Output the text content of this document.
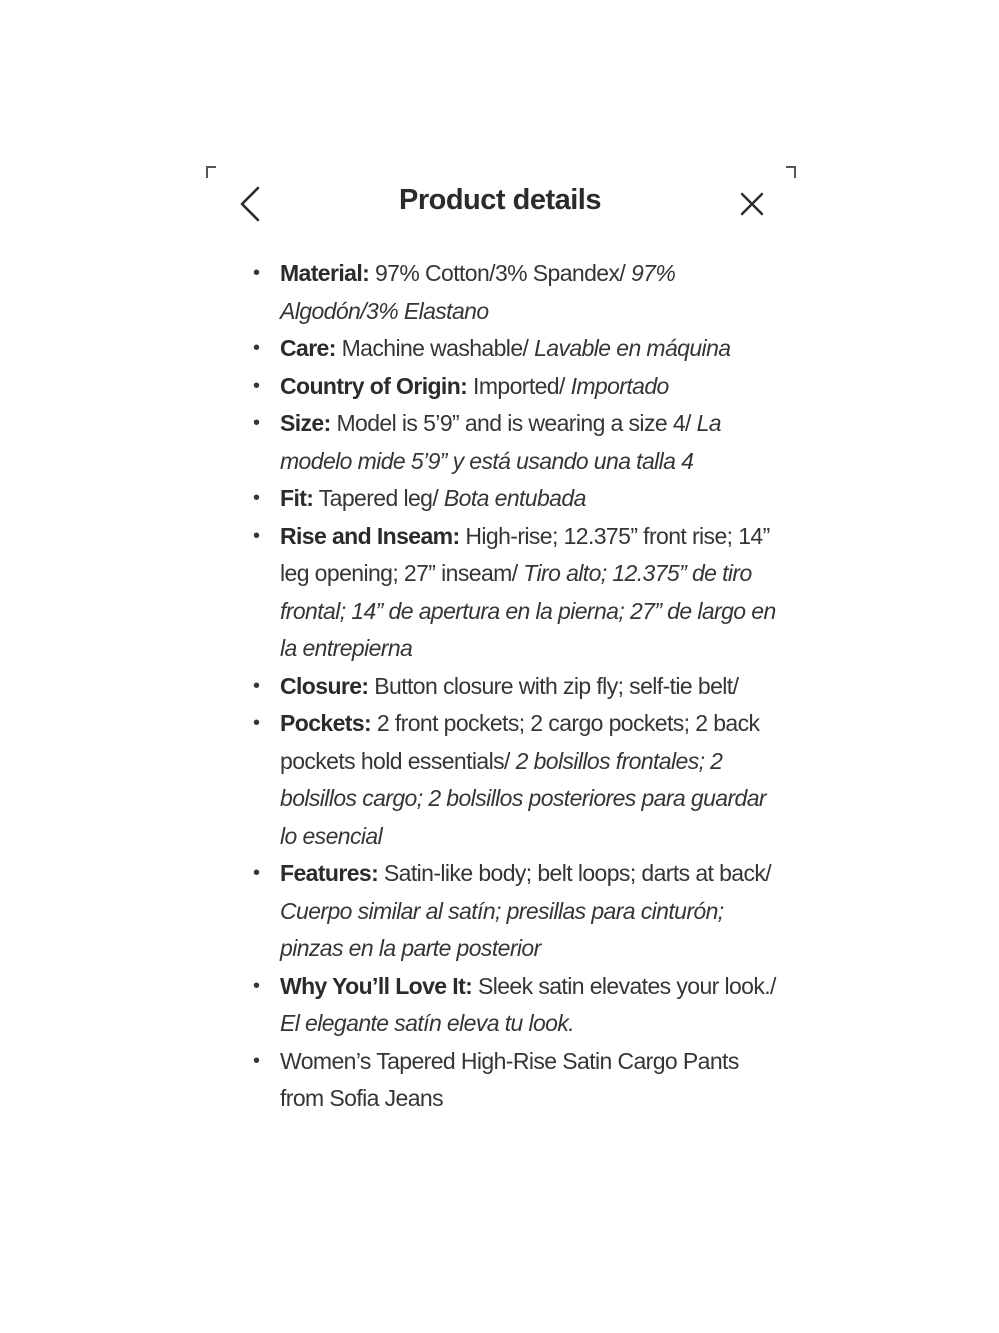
Product details
• Material: 97% Cotton/3% Spandex/ 97% Algodón/3% Elastano
• Care: Machine washable/ Lavable en máquina
• Country of Origin: Imported/ Importado
• Size: Model is 5’9” and is wearing a size 4/ La modelo mide 5’9” y está usando una talla 4
• Fit: Tapered leg/ Bota entubada
• Rise and Inseam: High-rise; 12.375” front rise; 14” leg opening; 27” inseam/ Tiro alto; 12.375” de tiro frontal; 14” de apertura en la pierna; 27” de largo en la entrepierna
• Closure: Button closure with zip fly; self-tie belt/
• Pockets: 2 front pockets; 2 cargo pockets; 2 back pockets hold essentials/ 2 bolsillos frontales; 2 bolsillos cargo; 2 bolsillos posteriores para guardar lo esencial
• Features: Satin-like body; belt loops; darts at back/ Cuerpo similar al satín; presillas para cinturón; pinzas en la parte posterior
• Why You’ll Love It: Sleek satin elevates your look./ El elegante satín eleva tu look.
• Women’s Tapered High-Rise Satin Cargo Pants from Sofia Jeans
